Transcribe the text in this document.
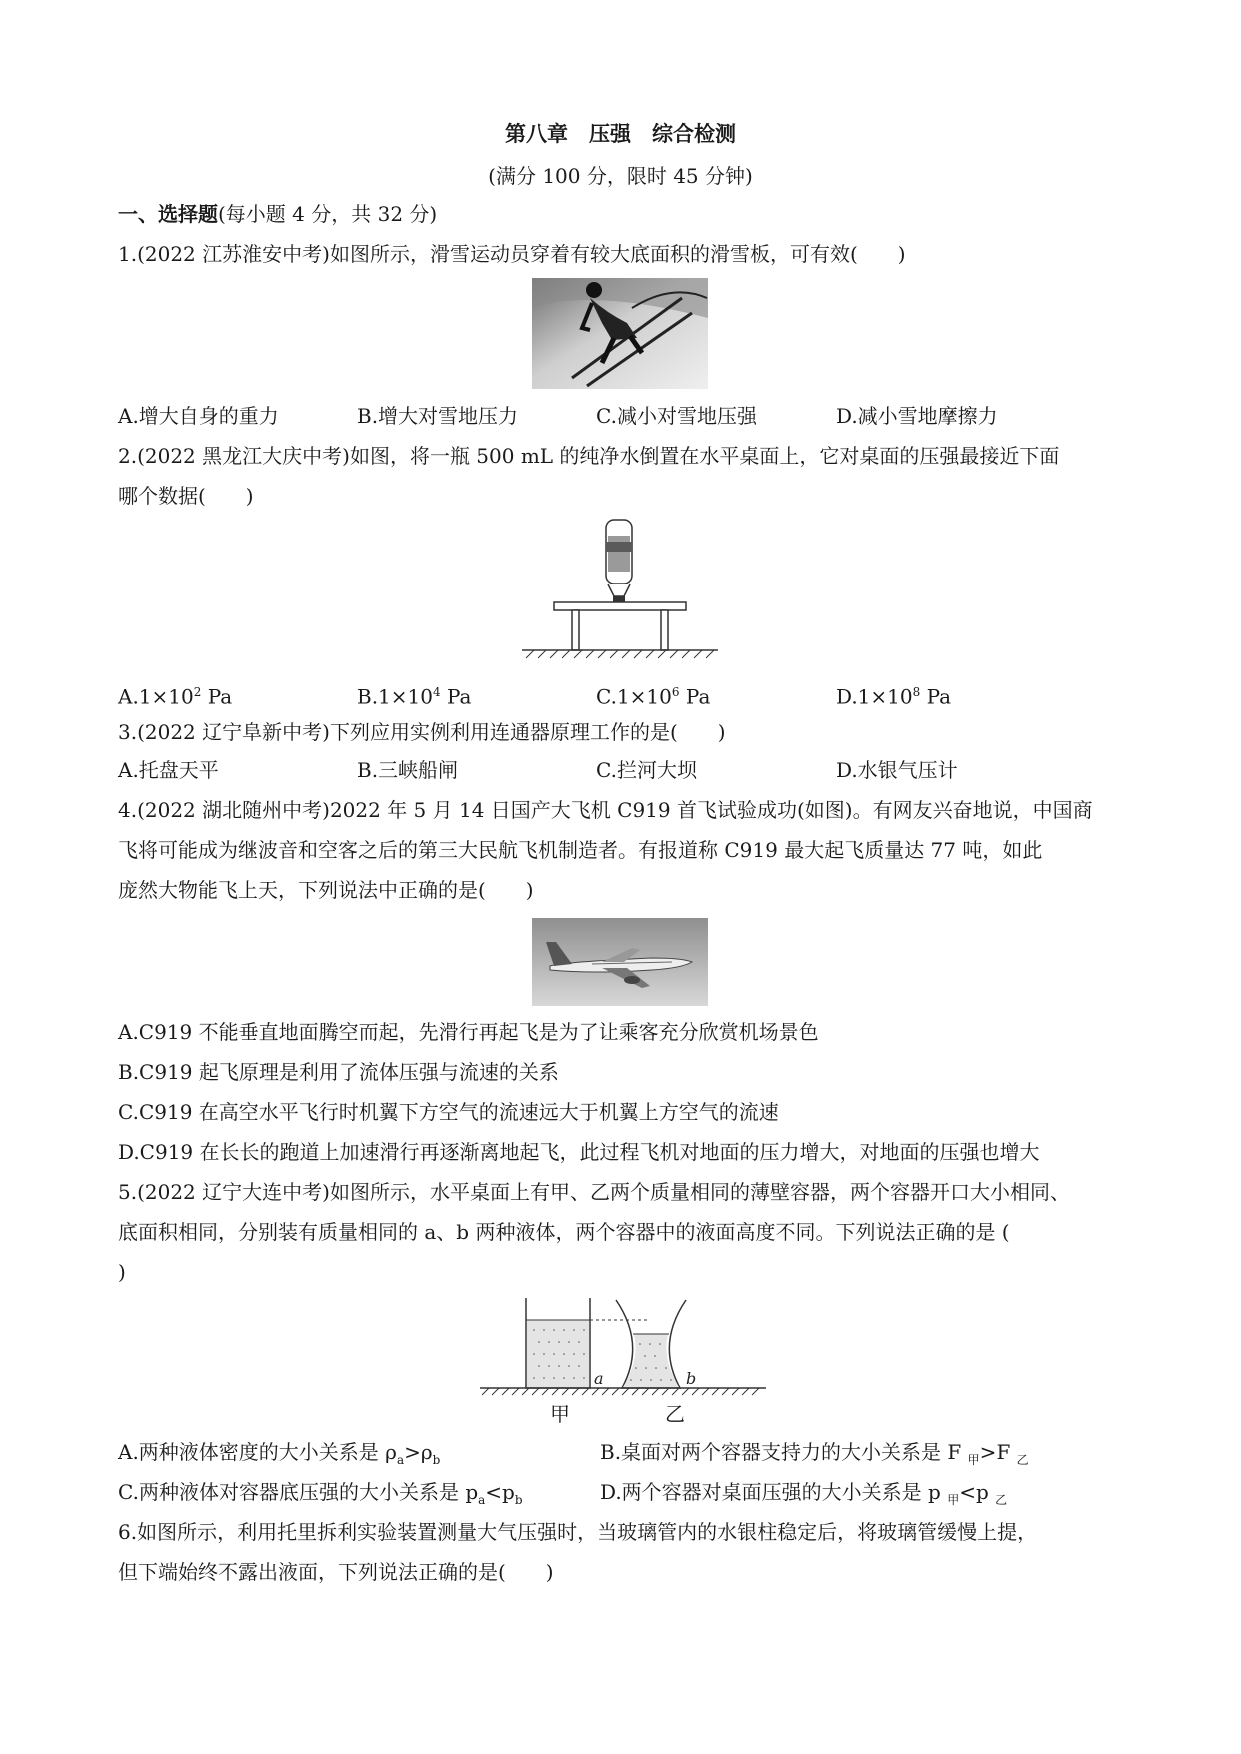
第八章　压强　综合检测
(满分 100 分，限时 45 分钟)
一、选择题(每小题 4 分，共 32 分)
1.(2022 江苏淮安中考)如图所示，滑雪运动员穿着有较大底面积的滑雪板，可有效(　　)
A.增大自身的重力	B.增大对雪地压力	C.减小对雪地压强	D.减小雪地摩擦力
2.(2022 黑龙江大庆中考)如图，将一瓶 500 mL 的纯净水倒置在水平桌面上，它对桌面的压强最接近下面
哪个数据(　　)
$A.1\times 10^2$ Pa	$B.1\times 10^4$ Pa	$C.1\times 10^6$ Pa	$D.1\times 10^8$ Pa
3.(2022 辽宁阜新中考)下列应用实例利用连通器原理工作的是(　　)
A.托盘天平	B.三峡船闸	C.拦河大坝	D.水银气压计
4.(2022 湖北随州中考)2022 年 5 月 14 日国产大飞机 C919 首飞试验成功(如图)。有网友兴奋地说，中国商
飞将可能成为继波音和空客之后的第三大民航飞机制造者。有报道称 C919 最大起飞质量达 77 吨，如此
庞然大物能飞上天，下列说法中正确的是(　　)
A.C919 不能垂直地面腾空而起，先滑行再起飞是为了让乘客充分欣赏机场景色
B.C919 起飞原理是利用了流体压强与流速的关系
C.C919 在高空水平飞行时机翼下方空气的流速远大于机翼上方空气的流速
D.C919 在长长的跑道上加速滑行再逐渐离地起飞，此过程飞机对地面的压力增大，对地面的压强也增大
5.(2022 辽宁大连中考)如图所示，水平桌面上有甲、乙两个质量相同的薄壁容器，两个容器开口大小相同、
底面积相同，分别装有质量相同的 a、b 两种液体，两个容器中的液面高度不同。下列说法正确的是 (
)
a	b
甲	乙
A.两种液体密度的大小关系是 $\rho_a>\rho_b$	B.桌面对两个容器支持力的大小关系是 F $_甲$>F $_乙$
C.两种液体对容器底压强的大小关系是 $p_a<p_b$	D.两个容器对桌面压强的大小关系是 p $_甲$<p $_乙$
6.如图所示，利用托里拆利实验装置测量大气压强时，当玻璃管内的水银柱稳定后，将玻璃管缓慢上提，
但下端始终不露出液面，下列说法正确的是(　　)
